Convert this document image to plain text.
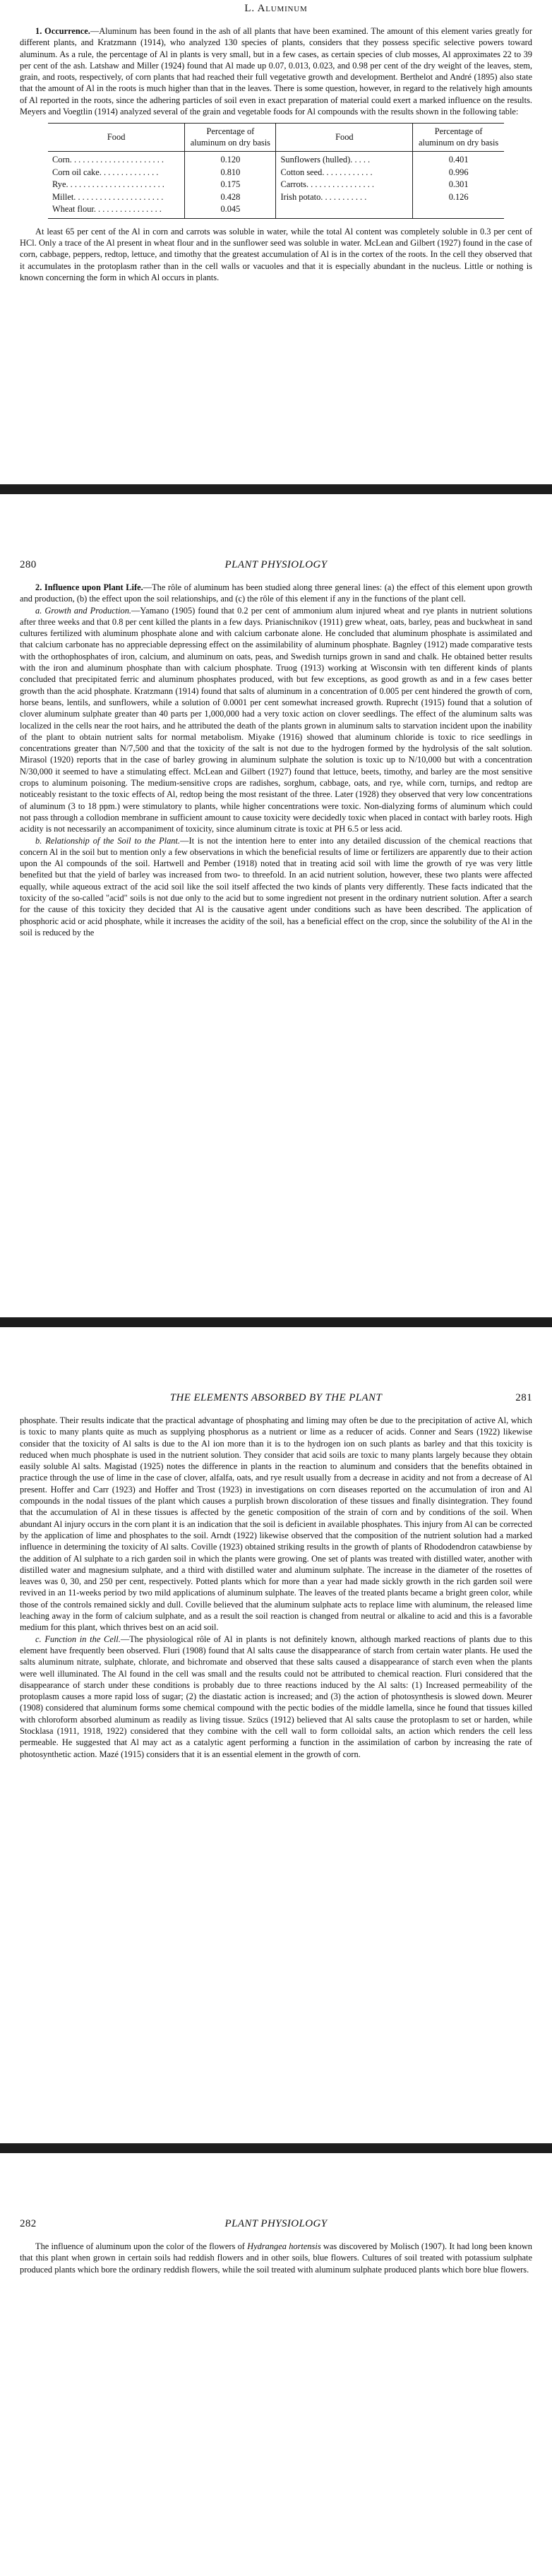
L. Aluminum

1. Occurrence.—Aluminum has been found in the ash of all plants that have been examined. The amount of this element varies greatly for different plants, and Kratzmann (1914), who analyzed 130 species of plants, considers that they possess specific selective powers toward aluminum. As a rule, the percentage of Al in plants is very small, but in a few cases, as certain species of club mosses, Al approximates 22 to 39 per cent of the ash. Latshaw and Miller (1924) found that Al made up 0.07, 0.013, 0.023, and 0.98 per cent of the dry weight of the leaves, stem, grain, and roots, respectively, of corn plants that had reached their full vegetative growth and development. Berthelot and André (1895) also state that the amount of Al in the roots is much higher than that in the leaves. There is some question, however, in regard to the relatively high amounts of Al reported in the roots, since the adhering particles of soil even in exact preparation of material could exert a marked influence on the results. Meyers and Voegtlin (1914) analyzed several of the grain and vegetable foods for Al compounds with the results shown in the following table:

Food	Percentage of aluminum on dry basis	Food	Percentage of aluminum on dry basis
Corn. . . . . . . . . . . . . . . . . . . . . .	0.120	Sunflowers (hulled). . . . .	0.401
Corn oil cake. . . . . . . . . . . . . .	0.810	Cotton seed. . . . . . . . . . . .	0.996
Rye. . . . . . . . . . . . . . . . . . . . . . .	0.175	Carrots. . . . . . . . . . . . . . . .	0.301
Millet. . . . . . . . . . . . . . . . . . . . .	0.428	Irish potato. . . . . . . . . . .	0.126
Wheat flour. . . . . . . . . . . . . . . .	0.045		

At least 65 per cent of the Al in corn and carrots was soluble in water, while the total Al content was completely soluble in 0.3 per cent of HCl. Only a trace of the Al present in wheat flour and in the sunflower seed was soluble in water. McLean and Gilbert (1927) found in the case of corn, cabbage, peppers, redtop, lettuce, and timothy that the greatest accumulation of Al is in the cortex of the roots. In the cell they observed that it accumulates in the protoplasm rather than in the cell walls or vacuoles and that it is especially abundant in the nucleus. Little or nothing is known concerning the form in which Al occurs in plants.

280	PLANT PHYSIOLOGY

2. Influence upon Plant Life.—The rôle of aluminum has been studied along three general lines: (a) the effect of this element upon growth and production, (b) the effect upon the soil relationships, and (c) the rôle of this element if any in the functions of the plant cell.

a. Growth and Production.—Yamano (1905) found that 0.2 per cent of ammonium alum injured wheat and rye plants in nutrient solutions after three weeks and that 0.8 per cent killed the plants in a few days. Prianischnikov (1911) grew wheat, oats, barley, peas and buckwheat in sand cultures fertilized with aluminum phosphate alone and with calcium carbonate alone. He concluded that aluminum phosphate is assimilated and that calcium carbonate has no appreciable depressing effect on the assimilability of aluminum phosphate. Bagnley (1912) made comparative tests with the orthophosphates of iron, calcium, and aluminum on oats, peas, and Swedish turnips grown in sand and chalk. He obtained better results with the iron and aluminum phosphate than with calcium phosphate. Truog (1913) working at Wisconsin with ten different kinds of plants concluded that precipitated ferric and aluminum phosphates produced, with but few exceptions, as good growth as and in a few cases better growth than the acid phosphate. Kratzmann (1914) found that salts of aluminum in a concentration of 0.005 per cent hindered the growth of corn, horse beans, lentils, and sunflowers, while a solution of 0.0001 per cent somewhat increased growth. Ruprecht (1915) found that a solution of clover aluminum sulphate greater than 40 parts per 1,000,000 had a very toxic action on clover seedlings. The effect of the aluminum salts was localized in the cells near the root hairs, and he attributed the death of the plants grown in aluminum salts to starvation incident upon the inability of the plant to obtain nutrient salts for normal metabolism. Miyake (1916) showed that aluminum chloride is toxic to rice seedlings in concentrations greater than N/7,500 and that the toxicity of the salt is not due to the hydrogen formed by the hydrolysis of the salt solution. Mirasol (1920) reports that in the case of barley growing in aluminum sulphate the solution is toxic up to N/10,000 but with a concentration N/30,000 it seemed to have a stimulating effect. McLean and Gilbert (1927) found that lettuce, beets, timothy, and barley are the most sensitive crops to aluminum poisoning. The medium-sensitive crops are radishes, sorghum, cabbage, oats, and rye, while corn, turnips, and redtop are noticeably resistant to the toxic effects of Al, redtop being the most resistant of the three. Later (1928) they observed that very low concentrations of aluminum (3 to 18 ppm.) were stimulatory to plants, while higher concentrations were toxic. Non-dialyzing forms of aluminum which could not pass through a collodion membrane in sufficient amount to cause toxicity were decidedly toxic when placed in contact with barley roots. High acidity is not necessarily an accompaniment of toxicity, since aluminum citrate is toxic at PH 6.5 or less acid.

b. Relationship of the Soil to the Plant.—It is not the intention here to enter into any detailed discussion of the chemical reactions that concern Al in the soil but to mention only a few observations in which the beneficial results of lime or fertilizers are apparently due to their action upon the Al compounds of the soil. Hartwell and Pember (1918) noted that in treating acid soil with lime the growth of rye was very little benefited but that the yield of barley was increased from two- to threefold. In an acid nutrient solution, however, these two plants were affected equally, while aqueous extract of the acid soil like the soil itself affected the two kinds of plants very differently. These facts indicated that the toxicity of the so-called "acid" soils is not due only to the acid but to some ingredient not present in the ordinary nutrient solution. After a search for the cause of this toxicity they decided that Al is the causative agent under conditions such as have been described. The application of phosphoric acid or acid phosphate, while it increases the acidity of the soil, has a beneficial effect on the crop, since the solubility of the Al in the soil is reduced by the

THE ELEMENTS ABSORBED BY THE PLANT	281

phosphate. Their results indicate that the practical advantage of phosphating and liming may often be due to the precipitation of active Al, which is toxic to many plants quite as much as supplying phosphorus as a nutrient or lime as a reducer of acids. Conner and Sears (1922) likewise consider that the toxicity of Al salts is due to the Al ion more than it is to the hydrogen ion on such plants as barley and that this toxicity is reduced when much phosphate is used in the nutrient solution. They consider that acid soils are toxic to many plants largely because they obtain easily soluble Al salts. Magistad (1925) notes the difference in plants in the reaction to aluminum and considers that the benefits obtained in practice through the use of lime in the case of clover, alfalfa, oats, and rye result usually from a decrease in acidity and not from a decrease of Al present. Hoffer and Carr (1923) and Hoffer and Trost (1923) in investigations on corn diseases reported on the accumulation of iron and Al compounds in the nodal tissues of the plant which causes a purplish brown discoloration of these tissues and finally disintegration. They found that the accumulation of Al in these tissues is affected by the genetic composition of the strain of corn and by conditions of the soil. When abundant Al injury occurs in the corn plant it is an indication that the soil is deficient in available phosphates. This injury from Al can be corrected by the application of lime and phosphates to the soil. Arndt (1922) likewise observed that the composition of the nutrient solution had a marked influence in determining the toxicity of Al salts. Coville (1923) obtained striking results in the growth of plants of Rhododendron catawbiense by the addition of Al sulphate to a rich garden soil in which the plants were growing. One set of plants was treated with distilled water, another with distilled water and magnesium sulphate, and a third with distilled water and aluminum sulphate. The increase in the diameter of the rosettes of leaves was 0, 30, and 250 per cent, respectively. Potted plants which for more than a year had made sickly growth in the rich garden soil were revived in an 11-weeks period by two mild applications of aluminum sulphate. The leaves of the treated plants became a bright green color, while those of the controls remained sickly and dull. Coville believed that the aluminum sulphate acts to replace lime with aluminum, the released lime leaching away in the form of calcium sulphate, and as a result the soil reaction is changed from neutral or alkaline to acid and this is a favorable medium for this plant, which thrives best on an acid soil.

c. Function in the Cell.—The physiological rôle of Al in plants is not definitely known, although marked reactions of plants due to this element have frequently been observed. Fluri (1908) found that Al salts cause the disappearance of starch from certain water plants. He used the salts aluminum nitrate, sulphate, chlorate, and bichromate and observed that these salts caused a disappearance of starch even when the plants were well illuminated. The Al found in the cell was small and the results could not be attributed to chemical reaction. Fluri considered that the disappearance of starch under these conditions is probably due to three reactions induced by the Al salts: (1) Increased permeability of the protoplasm causes a more rapid loss of sugar; (2) the diastatic action is increased; and (3) the action of photosynthesis is slowed down. Meurer (1908) considered that aluminum forms some chemical compound with the pectic bodies of the middle lamella, since he found that tissues killed with chloroform absorbed aluminum as readily as living tissue. Szücs (1912) believed that Al salts cause the protoplasm to set or harden, while Stocklasa (1911, 1918, 1922) considered that they combine with the cell wall to form colloidal salts, an action which renders the cell less permeable. He suggested that Al may act as a catalytic agent performing a function in the assimilation of carbon by increasing the rate of photosynthetic action. Mazé (1915) considers that it is an essential element in the growth of corn.

282	PLANT PHYSIOLOGY

The influence of aluminum upon the color of the flowers of Hydrangea hortensis was discovered by Molisch (1907). It had long been known that this plant when grown in certain soils had reddish flowers and in other soils, blue flowers. Cultures of soil treated with potassium sulphate produced plants which bore the ordinary reddish flowers, while the soil treated with aluminum sulphate produced plants which bore blue flowers.
